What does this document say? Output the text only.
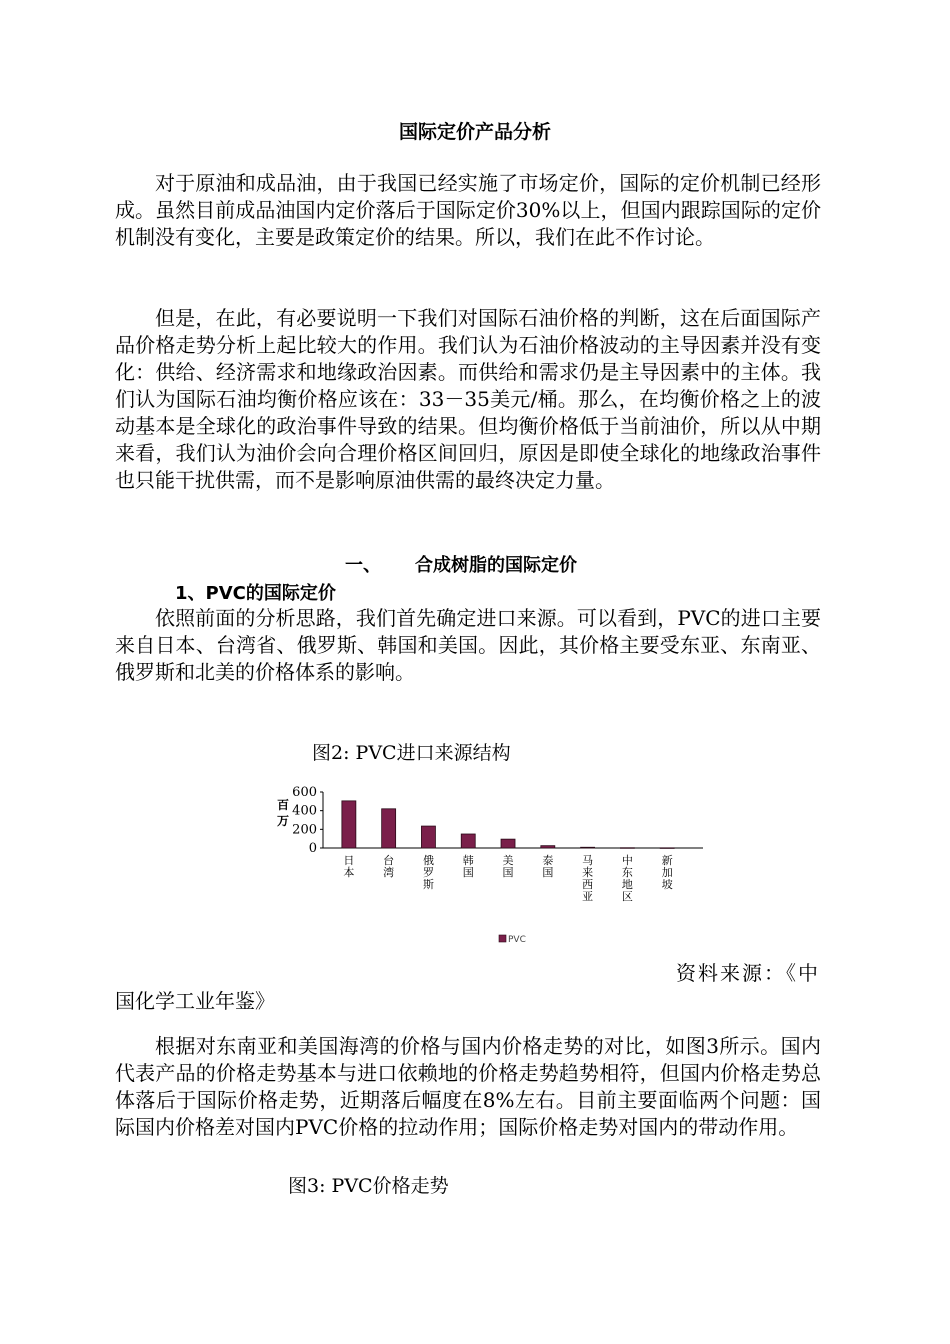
国际定价产品分析

对于原油和成品油，由于我国已经实施了市场定价，国际的定价机制已经形成。虽然目前成品油国内定价落后于国际定价30%以上，但国内跟踪国际的定价机制没有变化，主要是政策定价的结果。所以，我们在此不作讨论。

但是，在此，有必要说明一下我们对国际石油价格的判断，这在后面国际产品价格走势分析上起比较大的作用。我们认为石油价格波动的主导因素并没有变化：供给、经济需求和地缘政治因素。而供给和需求仍是主导因素中的主体。我们认为国际石油均衡价格应该在：33－35美元/桶。那么，在均衡价格之上的波动基本是全球化的政治事件导致的结果。但均衡价格低于当前油价，所以从中期来看，我们认为油价会向合理价格区间回归，原因是即使全球化的地缘政治事件也只能干扰供需，而不是影响原油供需的最终决定力量。

一、 合成树脂的国际定价
1、PVC的国际定价

依照前面的分析思路，我们首先确定进口来源。可以看到，PVC的进口主要来自日本、台湾省、俄罗斯、韩国和美国。因此，其价格主要受东亚、东南亚、俄罗斯和北美的价格体系的影响。

图2: PVC进口来源结构
0
200
400
600
百
万
日
本
台
湾
俄
罗
斯
韩
国
美
国
泰
国
马
来
西
亚
中
东
地
区
新
加
坡
PVC
资料来源：《中
国化学工业年鉴》

根据对东南亚和美国海湾的价格与国内价格走势的对比，如图3所示。国内代表产品的价格走势基本与进口依赖地的价格走势趋势相符，但国内价格走势总体落后于国际价格走势，近期落后幅度在8%左右。目前主要面临两个问题：国际国内价格差对国内PVC价格的拉动作用；国际价格走势对国内的带动作用。

图3: PVC价格走势
